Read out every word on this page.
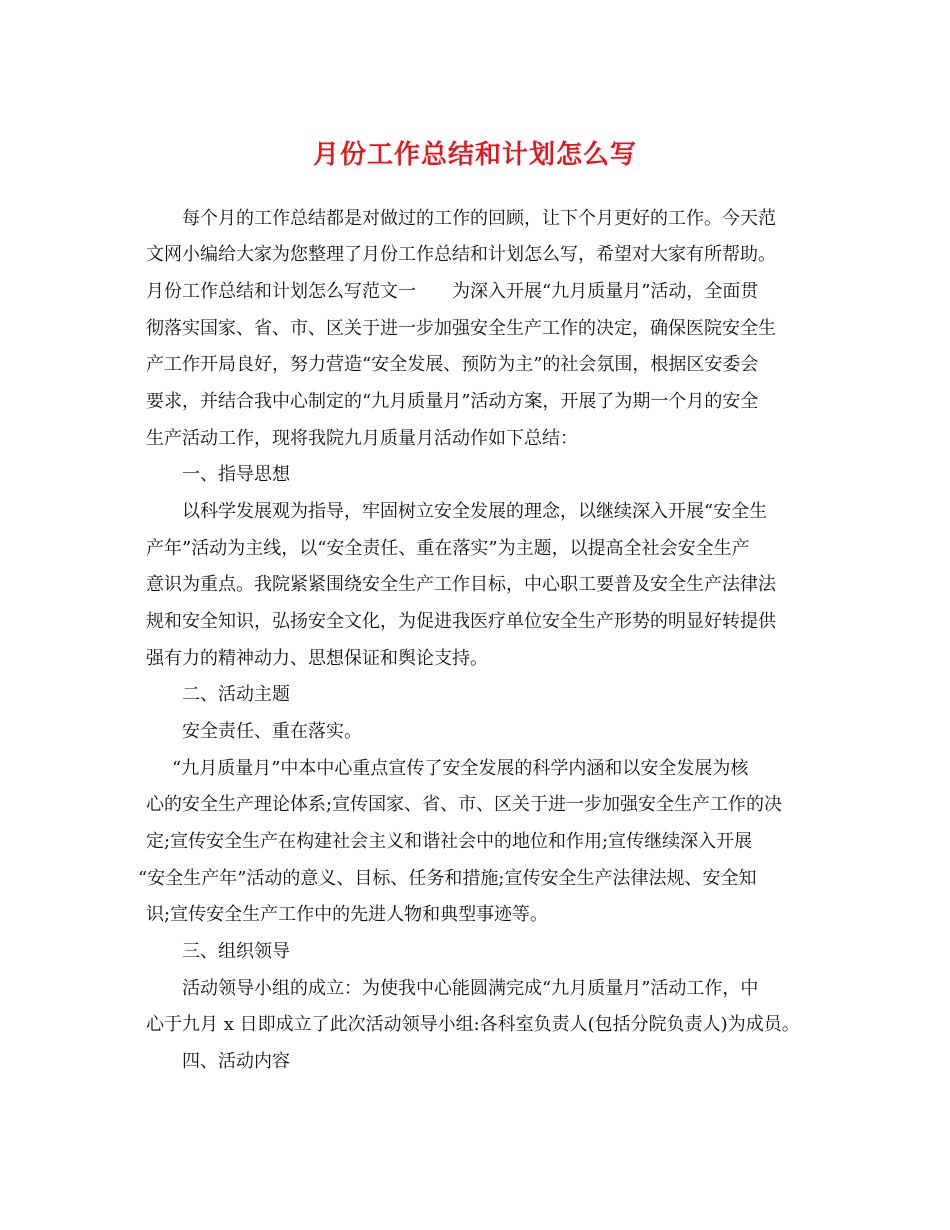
月份工作总结和计划怎么写
每个月的工作总结都是对做过的工作的回顾，让下个月更好的工作。今天范
文网小编给大家为您整理了月份工作总结和计划怎么写，希望对大家有所帮助。
月份工作总结和计划怎么写范文一　　为深入开展“九月质量月”活动，全面贯
彻落实国家、省、市、区关于进一步加强安全生产工作的决定，确保医院安全生
产工作开局良好，努力营造“安全发展、预防为主”的社会氛围，根据区安委会
要求，并结合我中心制定的“九月质量月”活动方案，开展了为期一个月的安全
生产活动工作，现将我院九月质量月活动作如下总结：
一、指导思想
以科学发展观为指导，牢固树立安全发展的理念，以继续深入开展“安全生
产年”活动为主线，以“安全责任、重在落实”为主题，以提高全社会安全生产
意识为重点。我院紧紧围绕安全生产工作目标，中心职工要普及安全生产法律法
规和安全知识，弘扬安全文化，为促进我医疗单位安全生产形势的明显好转提供
强有力的精神动力、思想保证和舆论支持。
二、活动主题
安全责任、重在落实。
“九月质量月”中本中心重点宣传了安全发展的科学内涵和以安全发展为核
心的安全生产理论体系;宣传国家、省、市、区关于进一步加强安全生产工作的决
定;宣传安全生产在构建社会主义和谐社会中的地位和作用;宣传继续深入开展
“安全生产年”活动的意义、目标、任务和措施;宣传安全生产法律法规、安全知
识;宣传安全生产工作中的先进人物和典型事迹等。
三、组织领导
活动领导小组的成立：为使我中心能圆满完成“九月质量月”活动工作，中
心于九月 x 日即成立了此次活动领导小组:各科室负责人(包括分院负责人)为成员。
四、活动内容
